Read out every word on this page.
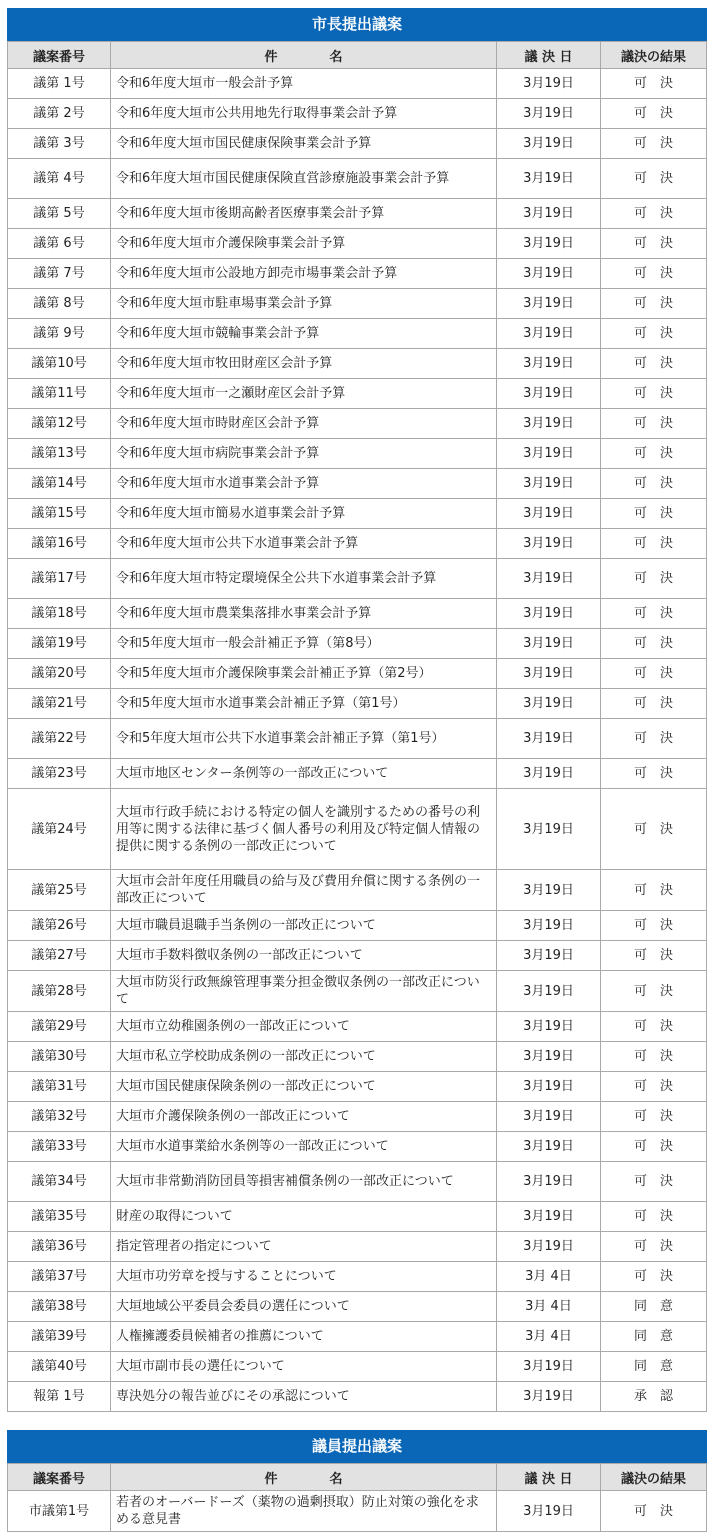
市長提出議案
議案番号	件　　　　名	議 決 日	議決の結果
議第 1号	令和6年度大垣市一般会計予算	3月19日	可　決
議第 2号	令和6年度大垣市公共用地先行取得事業会計予算	3月19日	可　決
議第 3号	令和6年度大垣市国民健康保険事業会計予算	3月19日	可　決
議第 4号	令和6年度大垣市国民健康保険直営診療施設事業会計予算	3月19日	可　決
議第 5号	令和6年度大垣市後期高齢者医療事業会計予算	3月19日	可　決
議第 6号	令和6年度大垣市介護保険事業会計予算	3月19日	可　決
議第 7号	令和6年度大垣市公設地方卸売市場事業会計予算	3月19日	可　決
議第 8号	令和6年度大垣市駐車場事業会計予算	3月19日	可　決
議第 9号	令和6年度大垣市競輪事業会計予算	3月19日	可　決
議第10号	令和6年度大垣市牧田財産区会計予算	3月19日	可　決
議第11号	令和6年度大垣市一之瀬財産区会計予算	3月19日	可　決
議第12号	令和6年度大垣市時財産区会計予算	3月19日	可　決
議第13号	令和6年度大垣市病院事業会計予算	3月19日	可　決
議第14号	令和6年度大垣市水道事業会計予算	3月19日	可　決
議第15号	令和6年度大垣市簡易水道事業会計予算	3月19日	可　決
議第16号	令和6年度大垣市公共下水道事業会計予算	3月19日	可　決
議第17号	令和6年度大垣市特定環境保全公共下水道事業会計予算	3月19日	可　決
議第18号	令和6年度大垣市農業集落排水事業会計予算	3月19日	可　決
議第19号	令和5年度大垣市一般会計補正予算（第8号）	3月19日	可　決
議第20号	令和5年度大垣市介護保険事業会計補正予算（第2号）	3月19日	可　決
議第21号	令和5年度大垣市水道事業会計補正予算（第1号）	3月19日	可　決
議第22号	令和5年度大垣市公共下水道事業会計補正予算（第1号）	3月19日	可　決
議第23号	大垣市地区センター条例等の一部改正について	3月19日	可　決
議第24号	大垣市行政手続における特定の個人を識別するための番号の利用等に関する法律に基づく個人番号の利用及び特定個人情報の提供に関する条例の一部改正について	3月19日	可　決
議第25号	大垣市会計年度任用職員の給与及び費用弁償に関する条例の一部改正について	3月19日	可　決
議第26号	大垣市職員退職手当条例の一部改正について	3月19日	可　決
議第27号	大垣市手数料徴収条例の一部改正について	3月19日	可　決
議第28号	大垣市防災行政無線管理事業分担金徴収条例の一部改正について	3月19日	可　決
議第29号	大垣市立幼稚園条例の一部改正について	3月19日	可　決
議第30号	大垣市私立学校助成条例の一部改正について	3月19日	可　決
議第31号	大垣市国民健康保険条例の一部改正について	3月19日	可　決
議第32号	大垣市介護保険条例の一部改正について	3月19日	可　決
議第33号	大垣市水道事業給水条例等の一部改正について	3月19日	可　決
議第34号	大垣市非常勤消防団員等損害補償条例の一部改正について	3月19日	可　決
議第35号	財産の取得について	3月19日	可　決
議第36号	指定管理者の指定について	3月19日	可　決
議第37号	大垣市功労章を授与することについて	3月 4日	可　決
議第38号	大垣地域公平委員会委員の選任について	3月 4日	同　意
議第39号	人権擁護委員候補者の推薦について	3月 4日	同　意
議第40号	大垣市副市長の選任について	3月19日	同　意
報第 1号	専決処分の報告並びにその承認について	3月19日	承　認
議員提出議案
議案番号	件　　　　名	議 決 日	議決の結果
市議第1号	若者のオーバードーズ（薬物の過剰摂取）防止対策の強化を求める意見書	3月19日	可　決
